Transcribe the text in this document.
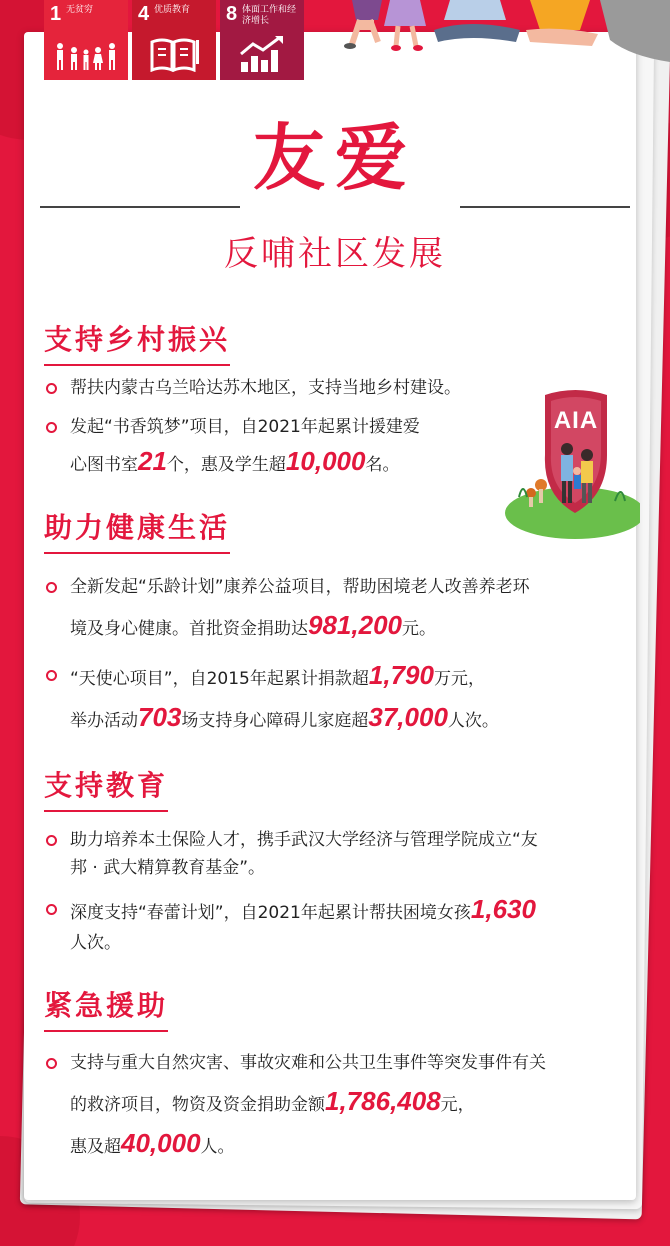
1 无贫穷 4 优质教育 8 体面工作和经济增长
友爱
反哺社区发展
AIA
支持乡村振兴
帮扶内蒙古乌兰哈达苏木地区，支持当地乡村建设。
发起“书香筑梦”项目，自2021年起累计援建爱
心图书室21个，惠及学生超10,000名。
助力健康生活
全新发起“乐龄计划”康养公益项目，帮助困境老人改善养老环
境及身心健康。首批资金捐助达981,200元。
“天使心项目”，自2015年起累计捐款超1,790万元，
举办活动703场支持身心障碍儿家庭超37,000人次。
支持教育
助力培养本土保险人才，携手武汉大学经济与管理学院成立“友
邦 · 武大精算教育基金”。
深度支持“春蕾计划”，自2021年起累计帮扶困境女孩1,630
人次。
紧急援助
支持与重大自然灾害、事故灾难和公共卫生事件等突发事件有关
的救济项目，物资及资金捐助金额1,786,408元，
惠及超40,000人。
